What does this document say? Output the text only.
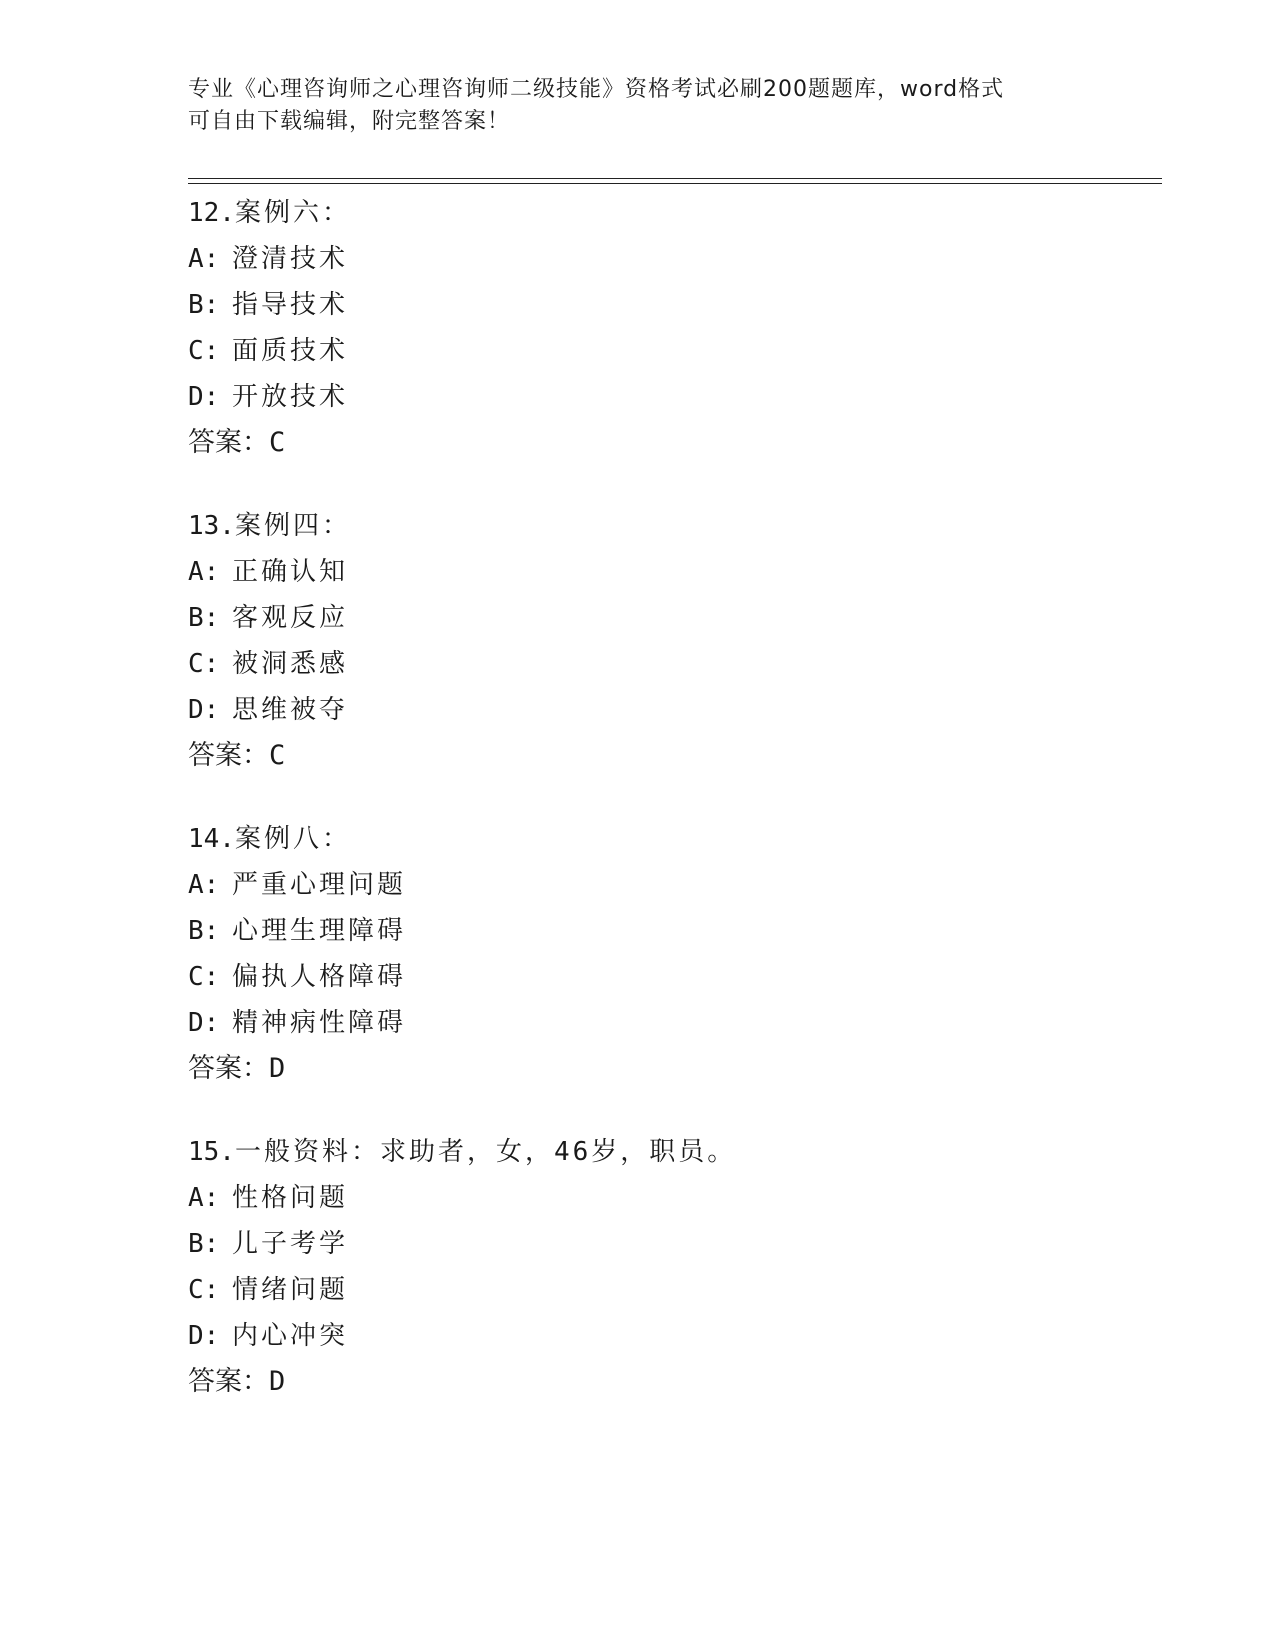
专业《心理咨询师之心理咨询师二级技能》资格考试必刷200题题库，word格式
可自由下载编辑，附完整答案！
12.案例六：
A: 澄清技术
B: 指导技术
C: 面质技术
D: 开放技术
答案：C
13.案例四：
A: 正确认知
B: 客观反应
C: 被洞悉感
D: 思维被夺
答案：C
14.案例八：
A: 严重心理问题
B: 心理生理障碍
C: 偏执人格障碍
D: 精神病性障碍
答案：D
15.一般资料：求助者，女，46岁，职员。
A: 性格问题
B: 儿子考学
C: 情绪问题
D: 内心冲突
答案：D
